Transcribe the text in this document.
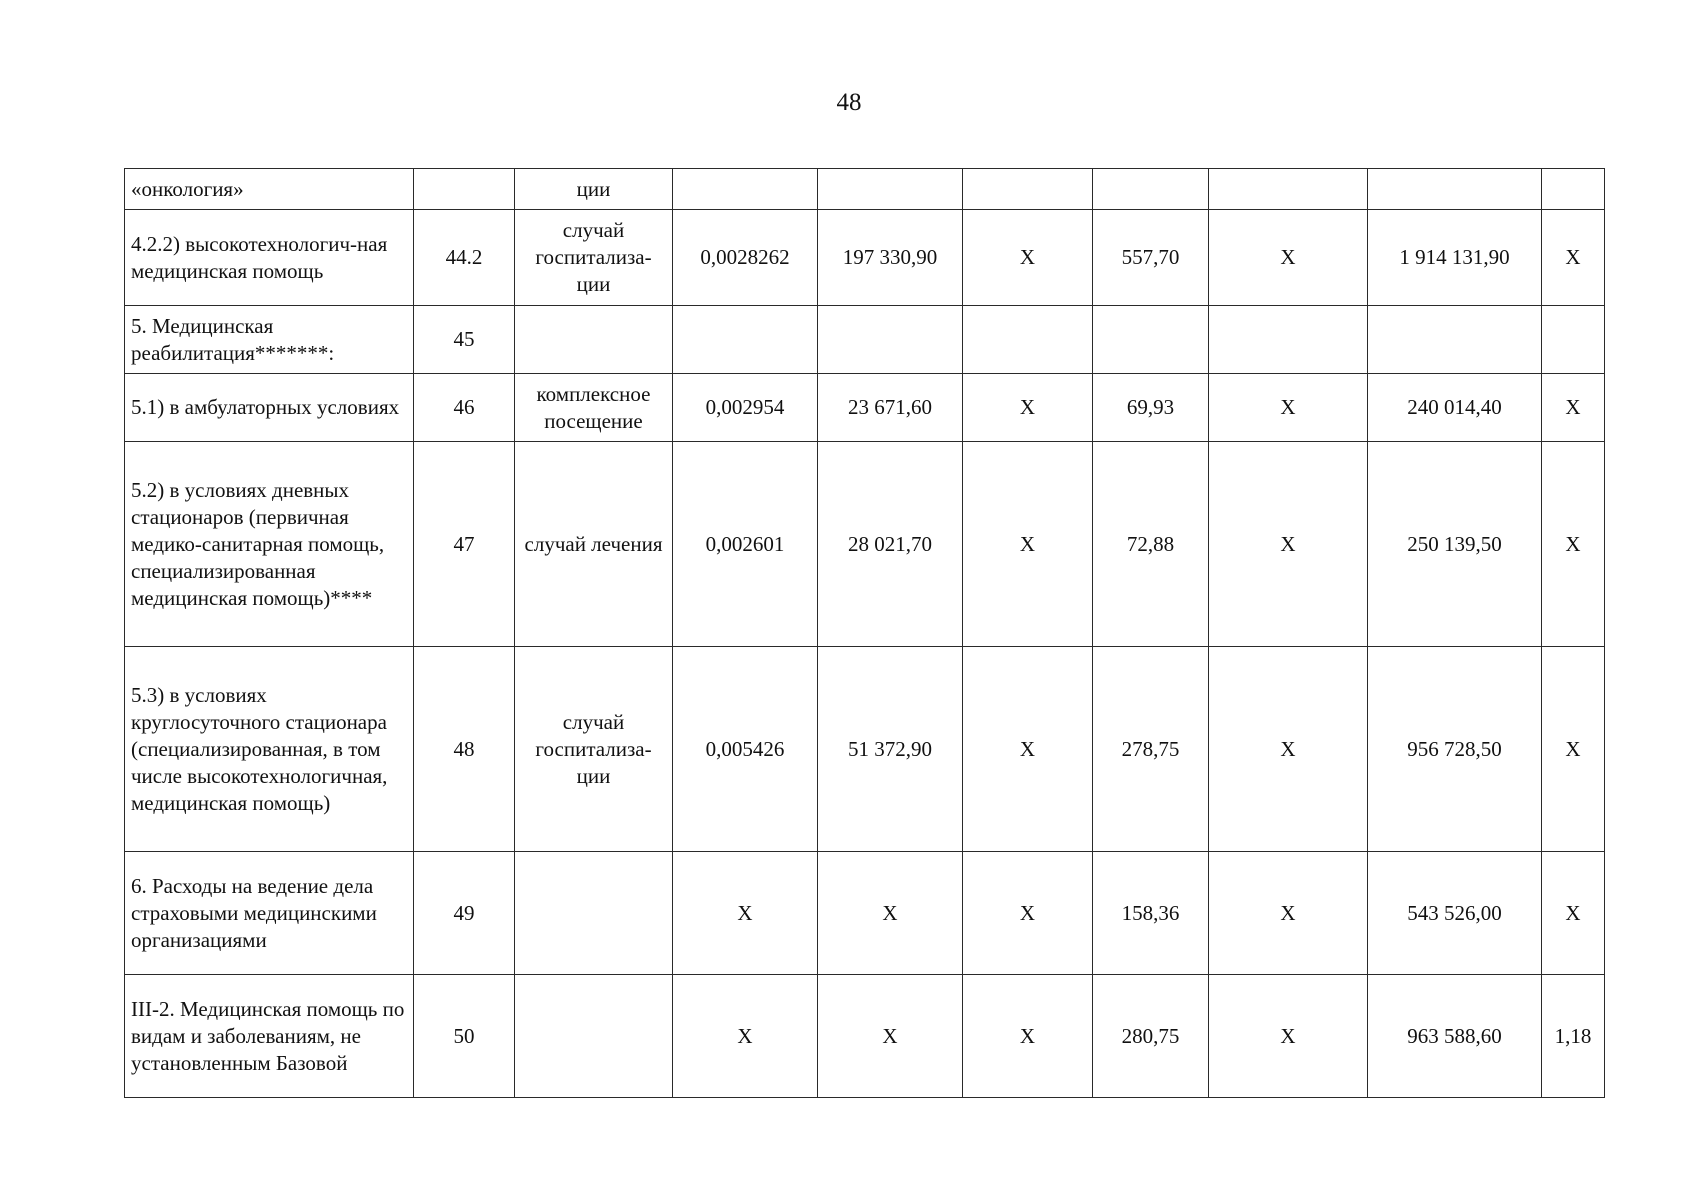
48
«онкология»		ции							
4.2.2) высокотехнологич-ная медицинская помощь	44.2	случай госпитализа-ции	0,0028262	197 330,90	Х	557,70	Х	1 914 131,90	Х
5. Медицинская реабилитация*******:	45								
5.1) в амбулаторных условиях	46	комплексное посещение	0,002954	23 671,60	Х	69,93	Х	240 014,40	Х
5.2) в условиях дневных стационаров (первичная медико-санитарная помощь, специализированная медицинская помощь)****	47	случай лечения	0,002601	28 021,70	Х	72,88	Х	250 139,50	Х
5.3) в условиях круглосуточного стационара (специализированная, в том числе высокотехнологичная, медицинская помощь)	48	случай госпитализа-ции	0,005426	51 372,90	Х	278,75	Х	956 728,50	Х
6. Расходы на ведение дела страховыми медицинскими организациями	49		Х	Х	Х	158,36	Х	543 526,00	Х
III-2. Медицинская помощь по видам и заболеваниям, не установленным Базовой	50		Х	Х	Х	280,75	Х	963 588,60	1,18
